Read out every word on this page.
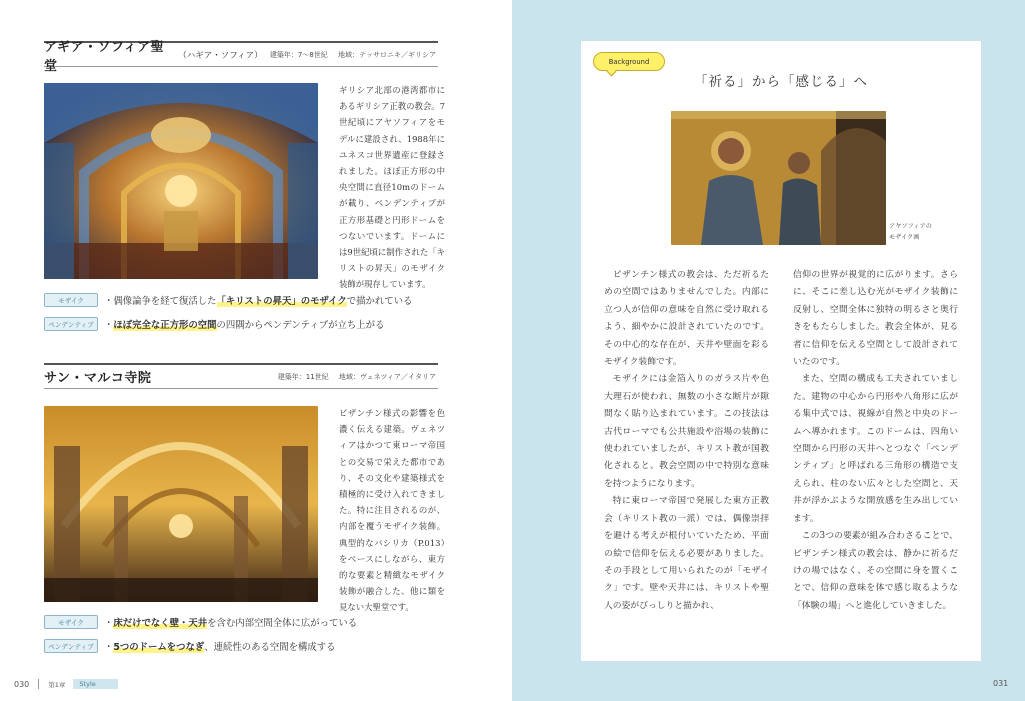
アギア・ソフィア聖堂
（ハギア・ソフィア）	建築年：7～8世紀 地域：テッサロニキ／ギリシア
ギリシア北部の港湾都市にあるギリシア正教の教会。7世紀頃にアヤソフィアをモデルに建設され、1988年にユネスコ世界遺産に登録されました。ほぼ正方形の中央空間に直径10mのドームが載り、ペンデンティブが正方形基礎と円形ドームをつないでいます。ドームには9世紀頃に制作された「キリストの昇天」のモザイク装飾が現存しています。
モザイク	・偶像論争を経て復活した「キリストの昇天」のモザイクで描かれている
ペンデンティブ	・ほぼ完全な正方形の空間の四隅からペンデンティブが立ち上がる
サン・マルコ寺院	建築年：11世紀 地域：ヴェネツィア／イタリア
ビザンチン様式の影響を色濃く伝える建築。ヴェネツィアはかつて東ローマ帝国との交易で栄えた都市であり、その文化や建築様式を積極的に受け入れてきました。特に注目されるのが、内部を覆うモザイク装飾。典型的なバシリカ（P.013）をベースにしながら、東方的な要素と精緻なモザイク装飾が融合した、他に類を見ない大聖堂です。
モザイク	・床だけでなく壁・天井を含む内部空間全体に広がっている
ペンデンティブ	・5つのドームをつなぎ、連続性のある空間を構成する
030	第1章	Style
Background
「祈る」から「感じる」へ
アヤソフィアの
モザイク画

ビザンチン様式の教会は、ただ祈るための空間ではありませんでした。内部に立つ人が信仰の意味を自然に受け取れるよう、細やかに設計されていたのです。その中心的な存在が、天井や壁面を彩るモザイク装飾です。

モザイクには金箔入りのガラス片や色大理石が使われ、無数の小さな断片が隙間なく貼り込まれています。この技法は古代ローマでも公共施設や浴場の装飾に使われていましたが、キリスト教が国教化されると、教会空間の中で特別な意味を持つようになります。

特に東ローマ帝国で発展した東方正教会（キリスト教の一派）では、偶像崇拝を避ける考えが根付いていたため、平面の絵で信仰を伝える必要がありました。その手段として用いられたのが「モザイク」です。壁や天井には、キリストや聖人の姿がびっしりと描かれ、

信仰の世界が視覚的に広がります。さらに、そこに差し込む光がモザイク装飾に反射し、空間全体に独特の明るさと奥行きをもたらしました。教会全体が、見る者に信仰を伝える空間として設計されていたのです。

また、空間の構成も工夫されていました。建物の中心から円形や八角形に広がる集中式では、視線が自然と中央のドームへ導かれます。このドームは、四角い空間から円形の天井へとつなぐ「ペンデンティブ」と呼ばれる三角形の構造で支えられ、柱のない広々とした空間と、天井が浮かぶような開放感を生み出しています。

この3つの要素が組み合わさることで、ビザンチン様式の教会は、静かに祈るだけの場ではなく、その空間に身を置くことで、信仰の意味を体で感じ取るような「体験の場」へと進化していきました。

031
